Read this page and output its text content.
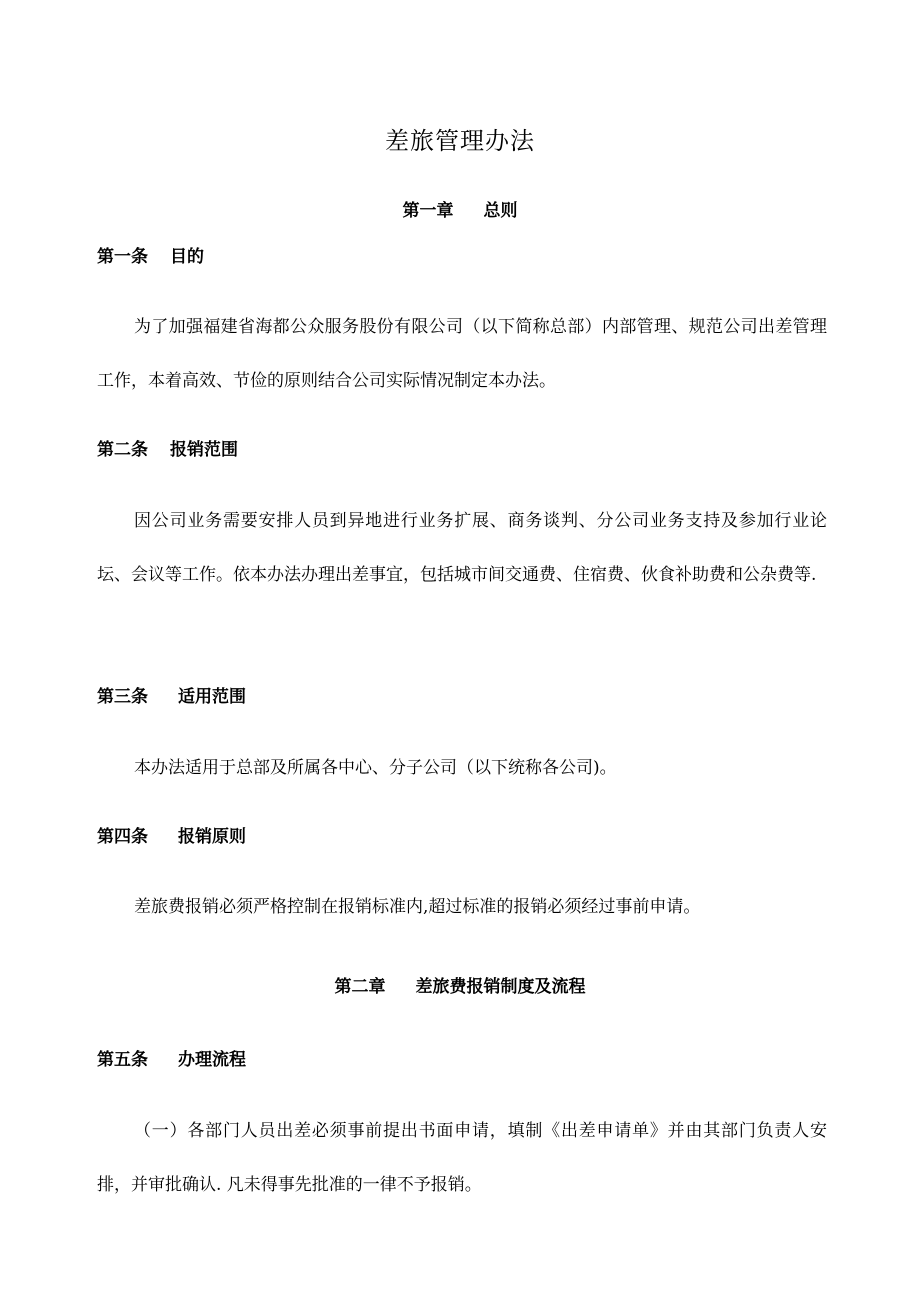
差旅管理办法
第一章 总则
第一条 目的
为了加强福建省海都公众服务股份有限公司（以下简称总部）内部管理、规范公司出差管理工作，本着高效、节俭的原则结合公司实际情况制定本办法。
第二条 报销范围
因公司业务需要安排人员到异地进行业务扩展、商务谈判、分公司业务支持及参加行业论坛、会议等工作。依本办法办理出差事宜，包括城市间交通费、住宿费、伙食补助费和公杂费等.
第三条 适用范围
本办法适用于总部及所属各中心、分子公司（以下统称各公司)。
第四条 报销原则
差旅费报销必须严格控制在报销标准内,超过标准的报销必须经过事前申请。
第二章 差旅费报销制度及流程
第五条 办理流程
（一）各部门人员出差必须事前提出书面申请，填制《出差申请单》并由其部门负责人安排，并审批确认. 凡未得事先批准的一律不予报销。
